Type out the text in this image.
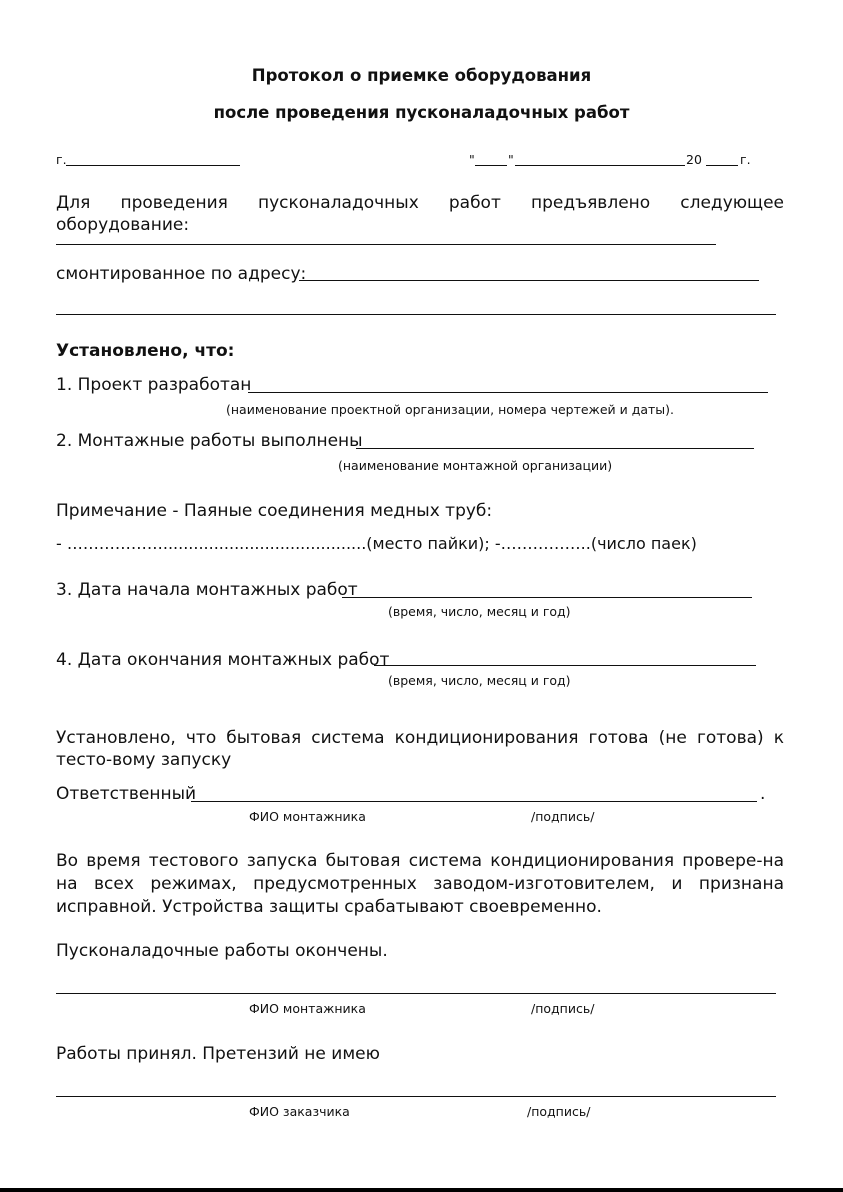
Протокол о приемке оборудования
после проведения пусконаладочных работ
г.	"	"	20	г.
Для проведения пусконаладочных работ предъявлено следующее оборудование:
смонтированное по адресу:
Установлено, что:
1. Проект разработан
(наименование проектной организации, номера чертежей и даты).
2. Монтажные работы выполнены
(наименование монтажной организации)
Примечание - Паяные соединения медных труб:
- ………………........................................(место пайки); -……………..(число паек)
3. Дата начала монтажных работ
(время, число, месяц и год)
4. Дата окончания монтажных работ
(время, число, месяц и год)
Установлено, что бытовая система кондиционирования готова (не готова) к тесто-вому запуску
Ответственный	.
ФИО монтажника	/подпись/
Во время тестового запуска бытовая система кондиционирования провере-на на всех режимах, предусмотренных заводом-изготовителем, и признана исправной. Устройства защиты срабатывают своевременно.
Пусконаладочные работы окончены.
ФИО монтажника	/подпись/
Работы принял. Претензий не имею
ФИО заказчика	/подпись/
